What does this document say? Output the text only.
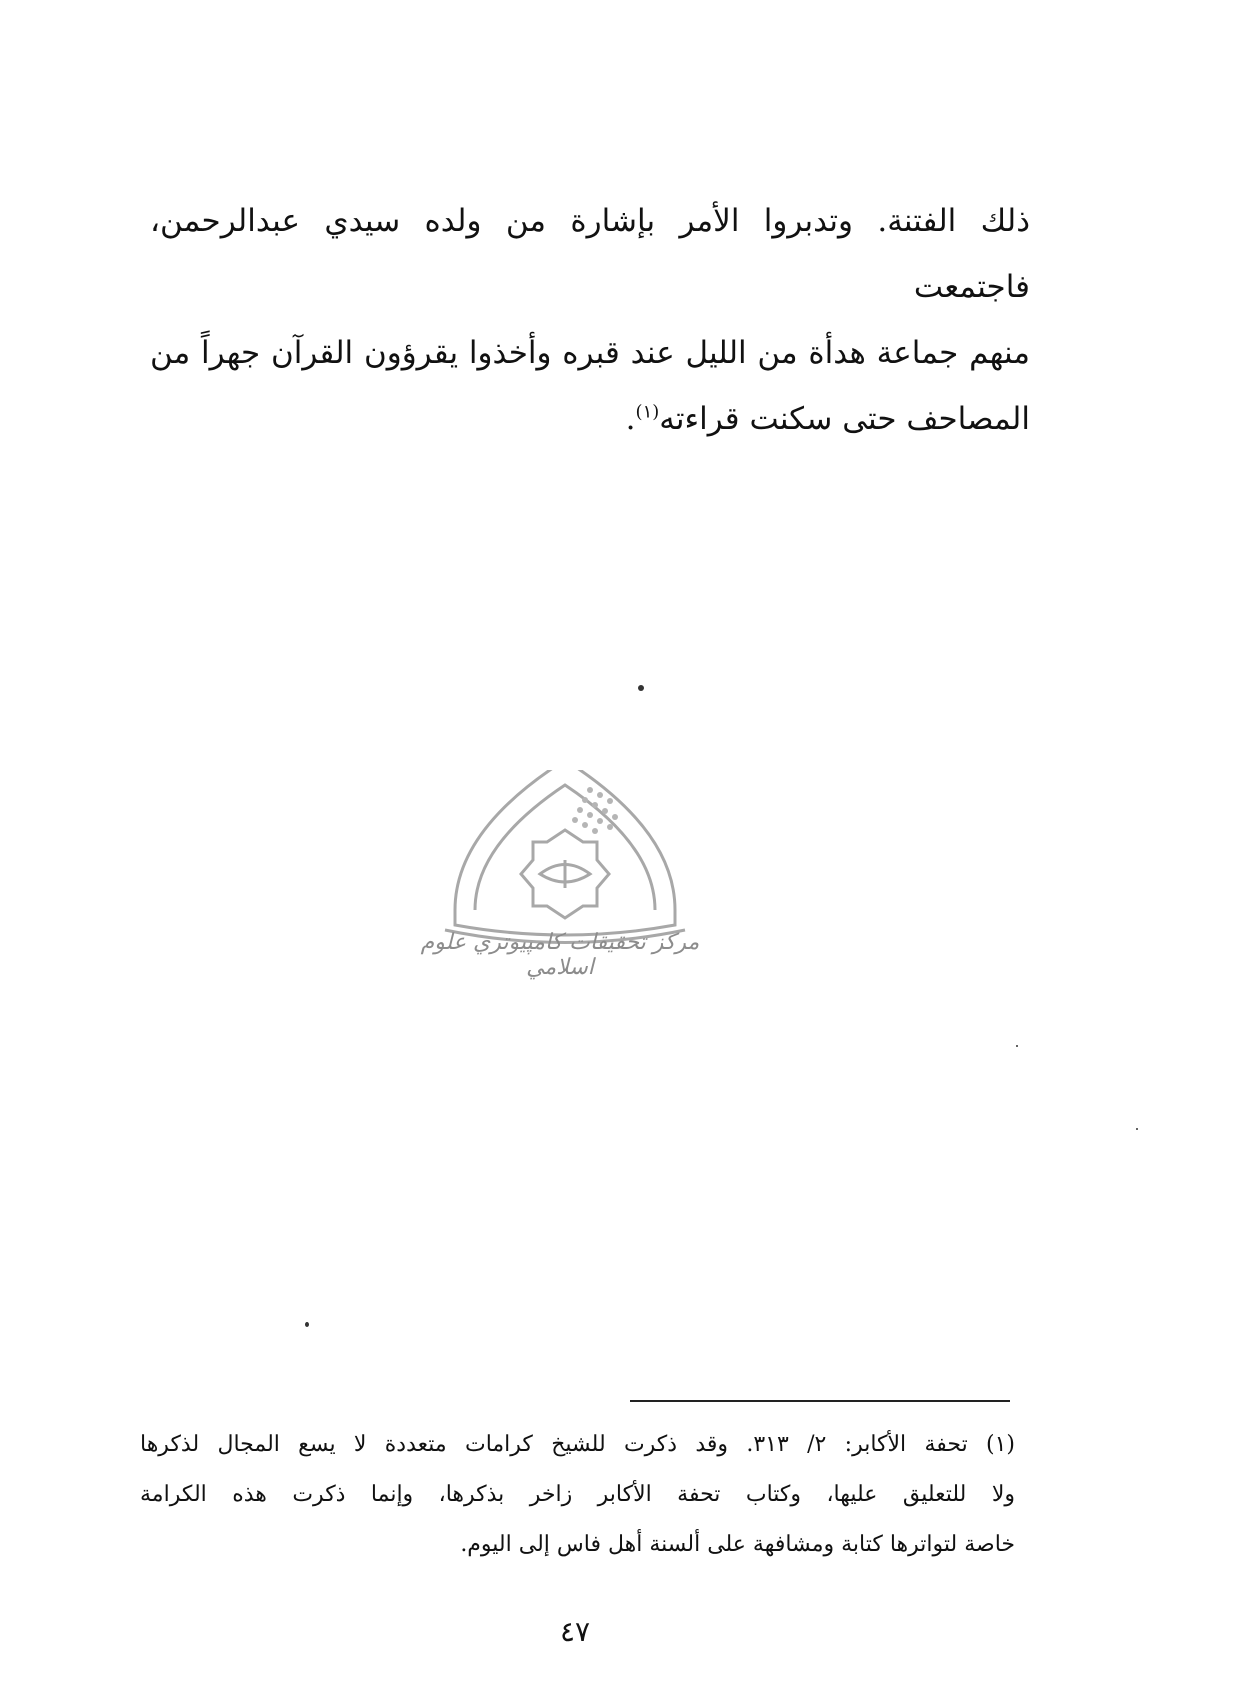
ذلك الفتنة. وتدبروا الأمر بإشارة من ولده سيدي عبدالرحمن، فاجتمعت

منهم جماعة هدأة من الليل عند قبره وأخذوا يقرؤون القرآن جهراً من

المصاحف حتى سكنت قراءته$^{(١)}$.

مركز تحقيقات كامپيوتري علوم اسلامي

(١) تحفة الأكابر: ٢/ ٣١٣. وقد ذكرت للشيخ كرامات متعددة لا يسع المجال لذكرها

ولا للتعليق عليها، وكتاب تحفة الأكابر زاخر بذكرها، وإنما ذكرت هذه الكرامة

خاصة لتواترها كتابة ومشافهة على ألسنة أهل فاس إلى اليوم.

٤٧
